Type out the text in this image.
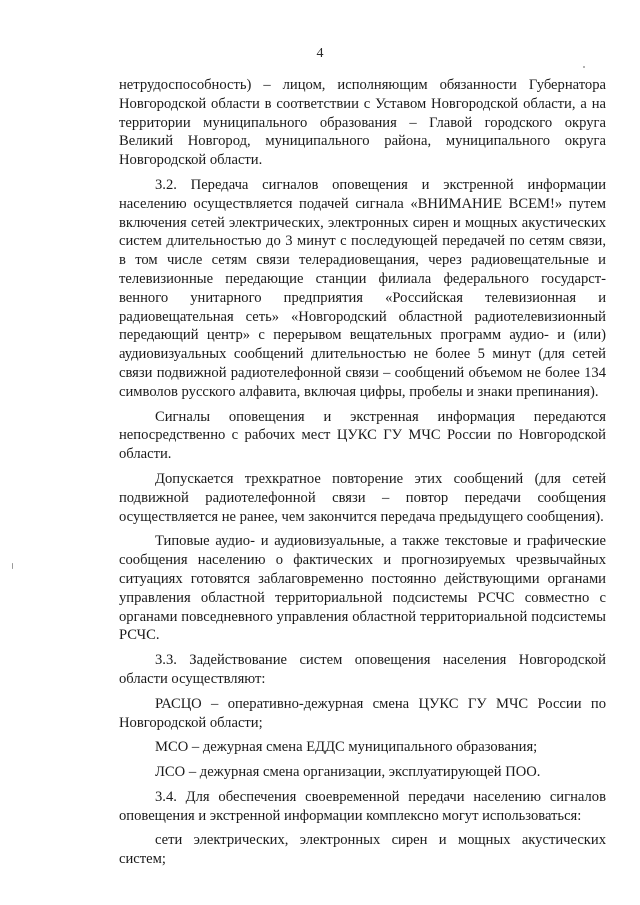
4

нетрудоспособность) – лицом, исполняющим обязанности Губернатора Новгородской области в соответствии с Уставом Новгородской области, а на территории муниципального образования – Главой городского округа Великий Новгород, муниципального района, муниципального округа Новгородской области.

3.2. Передача сигналов оповещения и экстренной информации населению осуществляется подачей сигнала «ВНИМАНИЕ ВСЕМ!» путем включения сетей электрических, электронных сирен и мощных акустических систем длительностью до 3 минут с последующей передачей по сетям связи, в том числе сетям связи телерадиовещания, через радиовещательные и телевизионные передающие станции филиала федерального государственного унитарного предприятия «Российская телевизионная и радиовещательная сеть» «Новгородский областной радиотелевизионный передающий центр» с перерывом вещательных программ аудио- и (или) аудиовизуальных сообщений длительностью не более 5 минут (для сетей связи подвижной радиотелефонной связи – сообщений объемом не более 134 символов русского алфавита, включая цифры, пробелы и знаки препинания).

Сигналы оповещения и экстренная информация передаются непосредственно с рабочих мест ЦУКС ГУ МЧС России по Новгородской области.

Допускается трехкратное повторение этих сообщений (для сетей подвижной радиотелефонной связи – повтор передачи сообщения осуществляется не ранее, чем закончится передача предыдущего сообщения).

Типовые аудио- и аудиовизуальные, а также текстовые и графические сообщения населению о фактических и прогнозируемых чрезвычайных ситуациях готовятся заблаговременно постоянно действующими органами управления областной территориальной подсистемы РСЧС совместно с органами повседневного управления областной территориальной подсистемы РСЧС.

3.3. Задействование систем оповещения населения Новгородской области осуществляют:

РАСЦО – оперативно-дежурная смена ЦУКС ГУ МЧС России по Новгородской области;

МСО – дежурная смена ЕДДС муниципального образования;

ЛСО – дежурная смена организации, эксплуатирующей ПОО.

3.4. Для обеспечения своевременной передачи населению сигналов оповещения и экстренной информации комплексно могут использоваться:

сети электрических, электронных сирен и мощных акустических систем;
